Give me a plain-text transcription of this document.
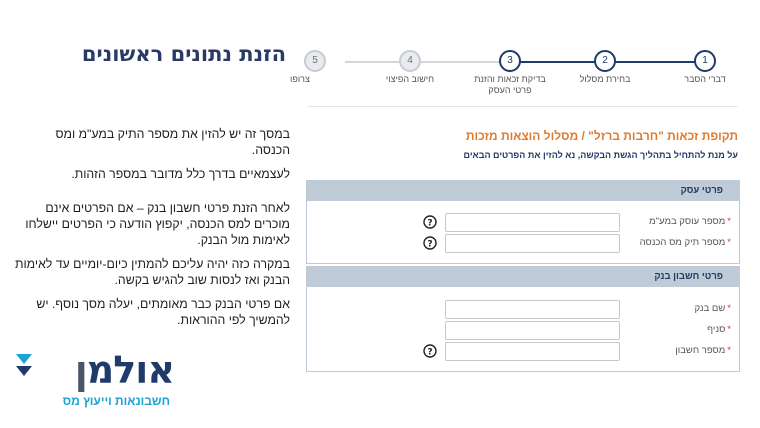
הזנת נתונים ראשונים

במסך זה יש להזין את מספר התיק במע"מ ומס הכנסה.

לעצמאיים בדרך כלל מדובר במספר הזהות.

לאחר הזנת פרטי חשבון בנק – אם הפרטים אינם מוכרים למס הכנסה, יקפוץ הודעה כי הפרטים יישלחו לאימות מול הבנק.

במקרה כזה יהיה עליכם להמתין כיום-יומיים עד לאימות הבנק ואז לנסות שוב להגיש בקשה.

אם פרטי הבנק כבר מאומתים, יעלה מסך נוסף. יש להמשיך לפי ההוראות.

אולמן
חשבונאות וייעוץ מס
1
דברי הסבר
2
בחירת מסלול
3
בדיקת זכאות והזנת פרטי העסק
4
חישוב הפיצוי
5
צרופו
תקופת זכאות "חרבות ברזל" / מסלול הוצאות מזכות
על מנת להתחיל בתהליך הגשת הבקשה, נא להזין את הפרטים הבאים
פרטי עסק
?	*מספר עוסק במע"מ
?	*מספר תיק מס הכנסה
פרטי חשבון בנק
*שם בנק
*סניף
?	*מספר חשבון
